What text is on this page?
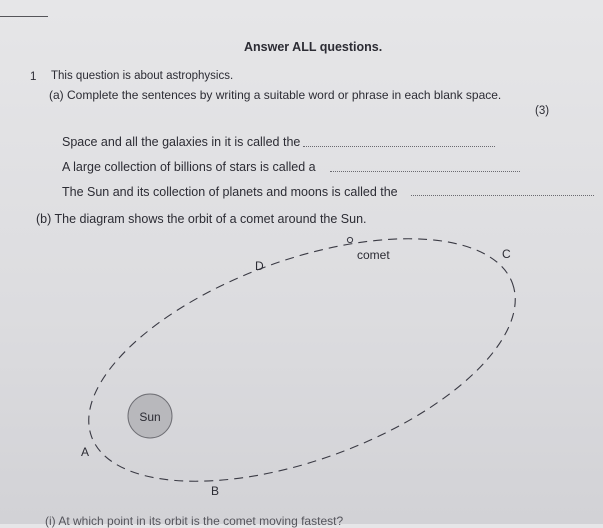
Answer ALL questions.
1 This question is about astrophysics.
(a) Complete the sentences by writing a suitable word or phrase in each blank space.
(3)
Space and all the galaxies in it is called the
A large collection of billions of stars is called a
The Sun and its collection of planets and moons is called the
(b) The diagram shows the orbit of a comet around the Sun.
Sun
comet
A
B
C
D
(i) At which point in its orbit is the comet moving fastest?
